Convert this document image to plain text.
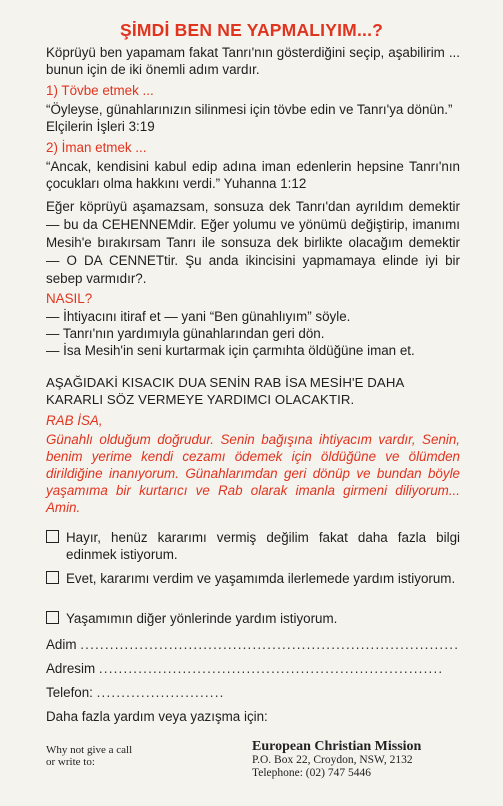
ŞİMDİ BEN NE YAPMALIYIM...?
Köprüyü ben yapamam fakat Tanrı'nın gösterdiğini seçip, aşabilirim ... bunun için de iki önemli adım vardır.
1) Tövbe etmek ...
“Öyleyse, günahlarınızın silinmesi için tövbe edin ve Tanrı'ya dönün.” Elçilerin İşleri 3:19
2) İman etmek ...
“Ancak, kendisini kabul edip adına iman edenlerin hepsine Tanrı'nın çocukları olma hakkını verdi.” Yuhanna 1:12
Eğer köprüyü aşamazsam, sonsuza dek Tanrı'dan ayrıldım demektir — bu da CEHENNEMdir. Eğer yolumu ve yönümü değiştirip, imanımı Mesih'e bırakırsam Tanrı ile sonsuza dek birlikte olacağım demektir — O DA CENNETtir. Şu anda ikincisini yapmamaya elinde iyi bir sebep varmıdır?.
NASIL?
— İhtiyacını itiraf et — yani “Ben günahlıyım” söyle.
— Tanrı'nın yardımıyla günahlarından geri dön.
— İsa Mesih'in seni kurtarmak için çarmıhta öldüğüne iman et.
AŞAĞIDAKİ KISACIK DUA SENİN RAB İSA MESİH'E DAHA KARARLI SÖZ VERMEYE YARDIMCI OLACAKTIR.
RAB İSA,
Günahlı olduğum doğrudur. Senin bağışına ihtiyacım vardır, Senin, benim yerime kendi cezamı ödemek için öldüğüne ve ölümden dirildiğine inanıyorum. Günahlarımdan geri dönüp ve bundan böyle yaşamıma bir kurtarıcı ve Rab olarak imanla girmeni diliyorum... Amin.
Hayır, henüz kararımı vermiş değilim fakat daha fazla bilgi edinmek istiyorum.
Evet, kararımı verdim ve yaşamımda ilerlemede yardım istiyorum.
Yaşamımın diğer yönlerinde yardım istiyorum.
Adim .............................................................................
Adresim ......................................................................
Telefon: ..........................
Daha fazla yardım veya yazışma için:
Why not give a call
or write to:
European Christian Mission
P.O. Box 22, Croydon, NSW, 2132
Telephone: (02) 747 5446
